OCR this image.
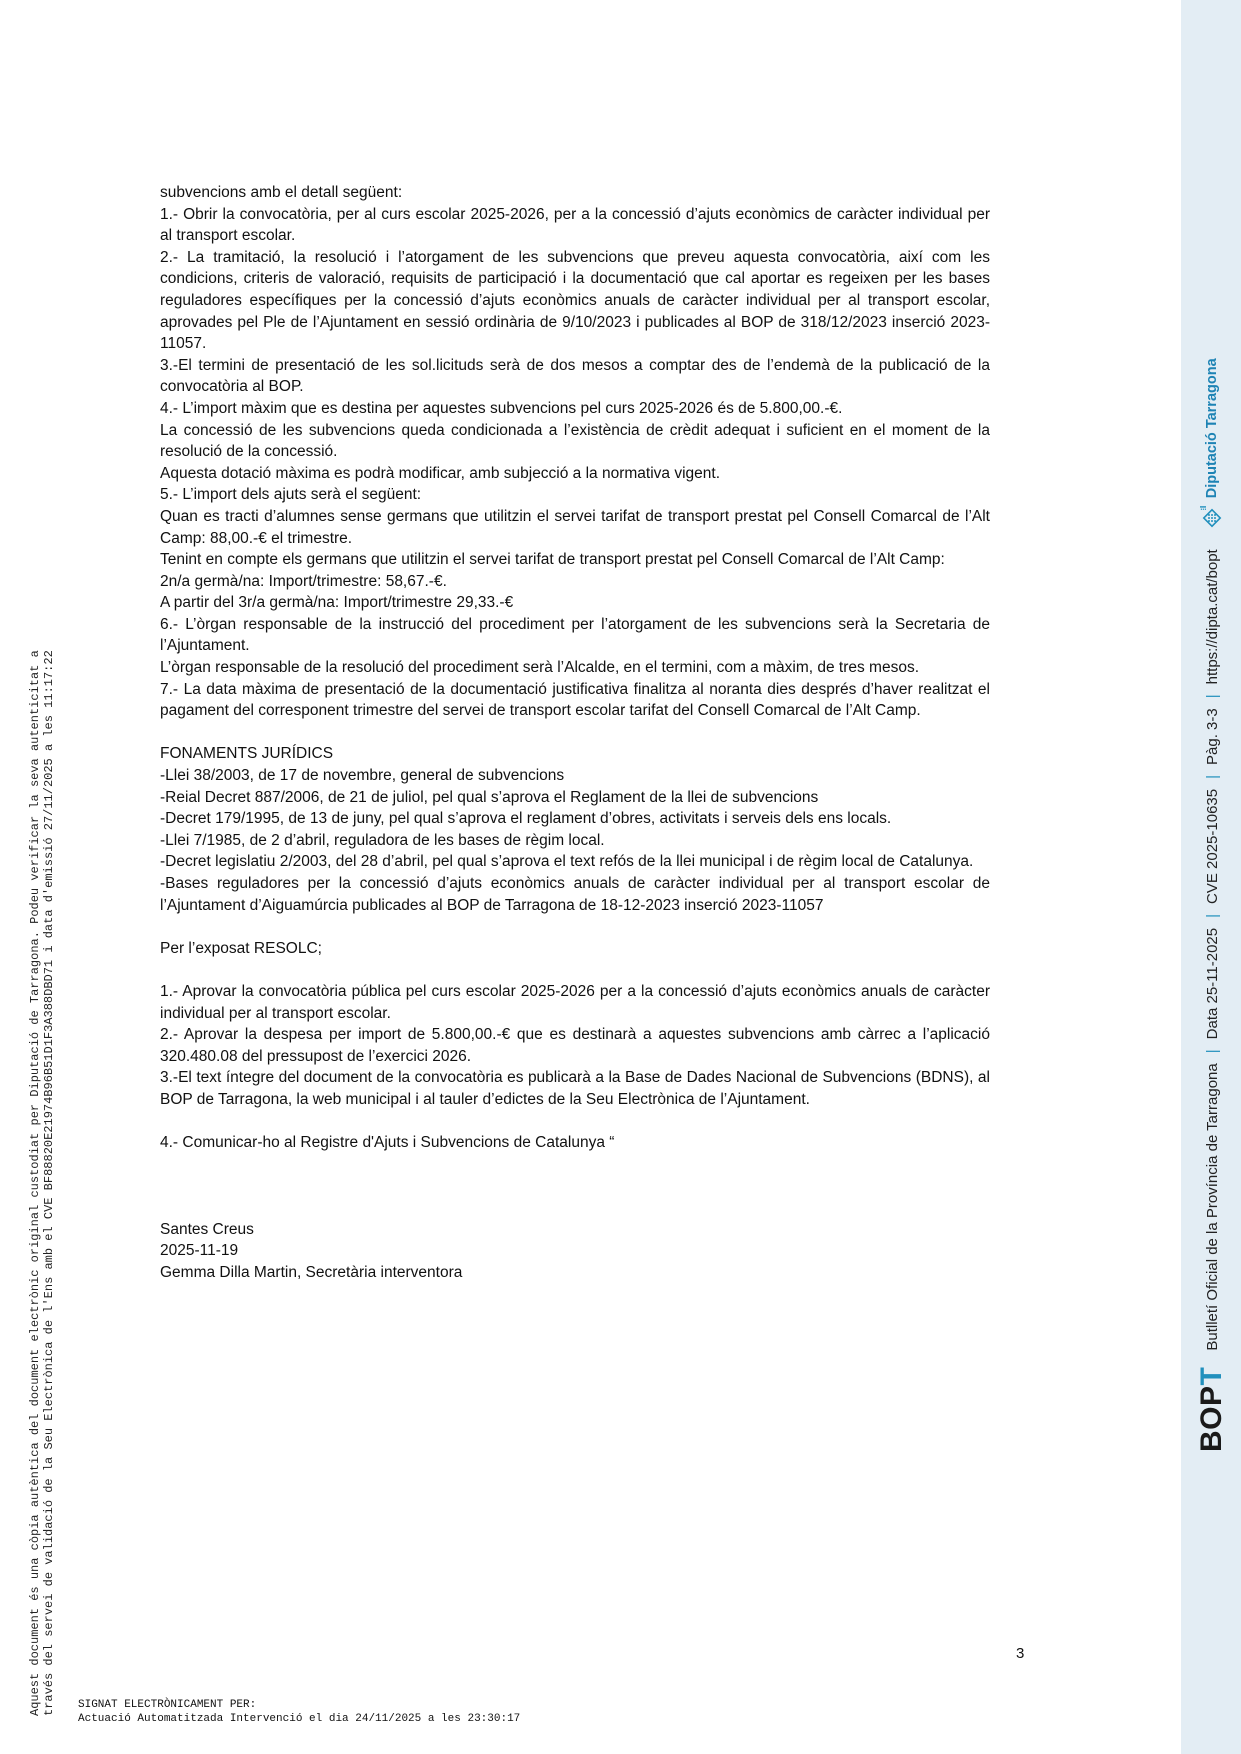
subvencions amb el detall següent:

1.- Obrir la convocatòria, per al curs escolar 2025-2026, per a la concessió d’ajuts econòmics de caràcter individual per al transport escolar.

2.- La tramitació, la resolució i l’atorgament de les subvencions que preveu aquesta convocatòria, així com les condicions, criteris de valoració, requisits de participació i la documentació que cal aportar es regeixen per les bases reguladores específiques per la concessió d’ajuts econòmics anuals de caràcter individual per al transport escolar, aprovades pel Ple de l’Ajuntament en sessió ordinària de 9/10/2023 i publicades al BOP de 318/12/2023 inserció 2023-11057.

3.-El termini de presentació de les sol.licituds serà de dos mesos a comptar des de l’endemà de la publicació de la convocatòria al BOP.

4.- L’import màxim que es destina per aquestes subvencions pel curs 2025-2026 és de 5.800,00.-€.

La concessió de les subvencions queda condicionada a l’existència de crèdit adequat i suficient en el moment de la resolució de la concessió.

Aquesta dotació màxima es podrà modificar, amb subjecció a la normativa vigent.

5.- L’import dels ajuts serà el següent:

Quan es tracti d’alumnes sense germans que utilitzin el servei tarifat de transport prestat pel Consell Comarcal de l’Alt Camp: 88,00.-€ el trimestre.

Tenint en compte els germans que utilitzin el servei tarifat de transport prestat pel Consell Comarcal de l’Alt Camp:

2n/a germà/na: Import/trimestre: 58,67.-€.

A partir del 3r/a germà/na: Import/trimestre 29,33.-€

6.- L’òrgan responsable de la instrucció del procediment per l’atorgament de les subvencions serà la Secretaria de l’Ajuntament.

L’òrgan responsable de la resolució del procediment serà l’Alcalde, en el termini, com a màxim, de tres mesos.

7.- La data màxima de presentació de la documentació justificativa finalitza al noranta dies després d’haver realitzat el pagament del corresponent trimestre del servei de transport escolar tarifat del Consell Comarcal de l’Alt Camp.

FONAMENTS JURÍDICS

-Llei 38/2003, de 17 de novembre, general de subvencions

-Reial Decret 887/2006, de 21 de juliol, pel qual s’aprova el Reglament de la llei de subvencions

-Decret 179/1995, de 13 de juny, pel qual s’aprova el reglament d’obres, activitats i serveis dels ens locals.

-Llei 7/1985, de 2 d’abril, reguladora de les bases de règim local.

-Decret legislatiu 2/2003, del 28 d’abril, pel qual s’aprova el text refós de la llei municipal i de règim local de Catalunya.

-Bases reguladores per la concessió d’ajuts econòmics anuals de caràcter individual per al transport escolar de l’Ajuntament d’Aiguamúrcia publicades al BOP de Tarragona de 18-12-2023 inserció 2023-11057

Per l’exposat RESOLC;

1.- Aprovar la convocatòria pública pel curs escolar 2025-2026 per a la concessió d’ajuts econòmics anuals de caràcter individual per al transport escolar.

2.- Aprovar la despesa per import de 5.800,00.-€ que es destinarà a aquestes subvencions amb càrrec a l’aplicació 320.480.08 del pressupost de l’exercici 2026.

3.-El text íntegre del document de la convocatòria es publicarà a la Base de Dades Nacional de Subvencions (BDNS), al BOP de Tarragona, la web municipal i al tauler d’edictes de la Seu Electrònica de l’Ajuntament.

4.- Comunicar-ho al Registre d'Ajuts i Subvencions de Catalunya “

Santes Creus

2025-11-19

Gemma Dilla Martin, Secretària interventora

3
Aquest document és una còpia autèntica del document electrònic original custodiat per Diputació de Tarragona. Podeu verificar la seva autenticitat a través del servei de validació de la Seu Electrònica de l'Ens amb el CVE BF88820E21974B96B51D1F3A388DBD71 i data d'emissió 27/11/2025 a les 11:17:22 SIGNAT ELECTRÒNICAMENT PER:
Actuació Automatitzada Intervenció el dia 24/11/2025 a les 23:30:17
BOPT
Butlletí Oficial de la Província de Tarragona
|
Data 25-11-2025
|
CVE 2025-10635
|
Pàg. 3-3
|
https://dipta.cat/bopt
Diputació Tarragona
